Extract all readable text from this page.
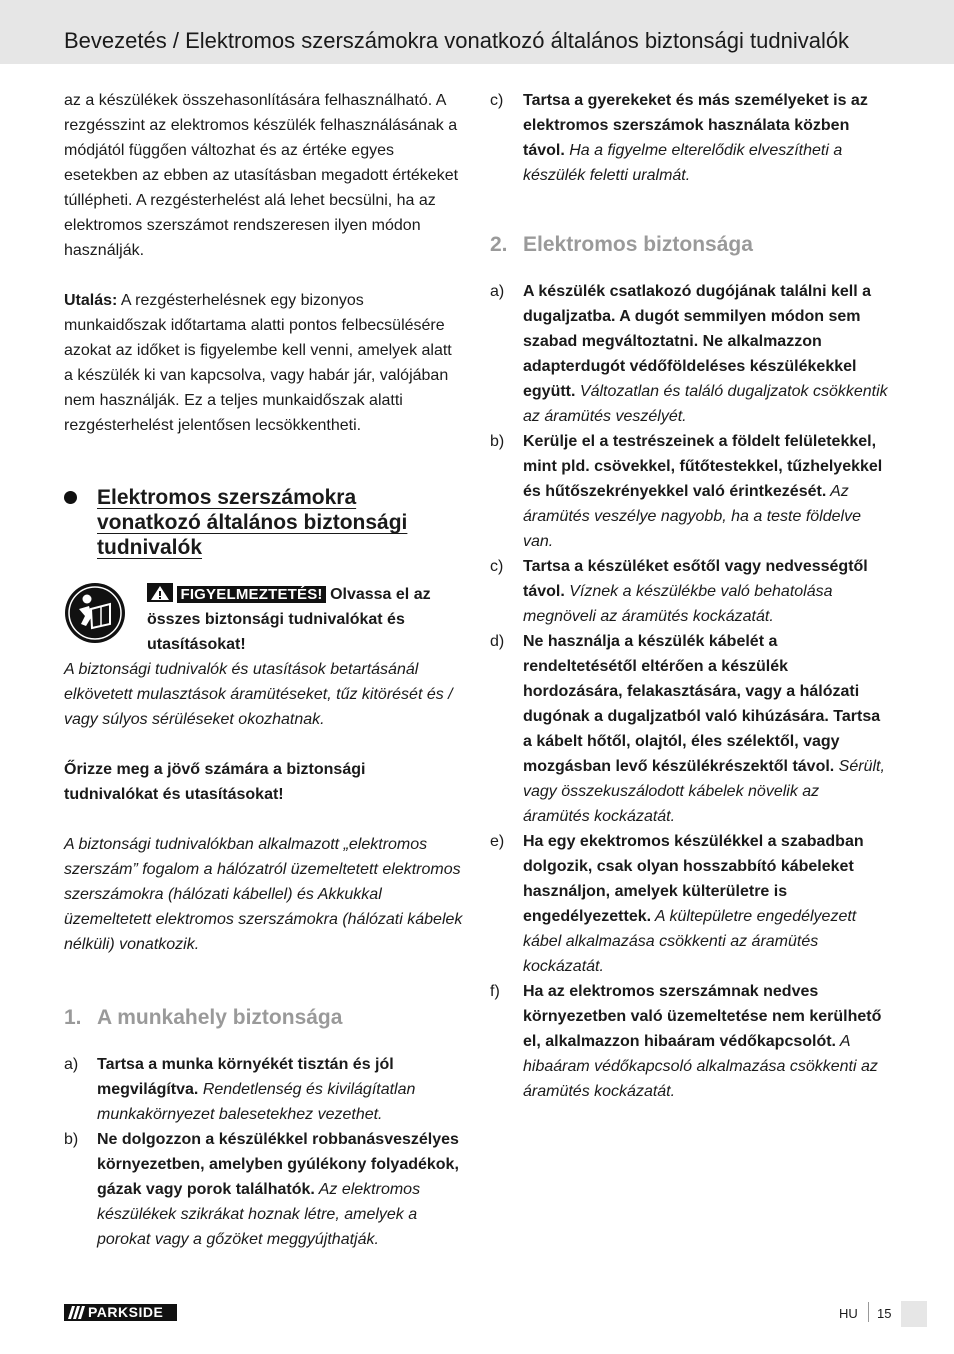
Bevezetés / Elektromos szerszámokra vonatkozó általános biztonsági tudnivalók

az a készülékek összehasonlítására felhasználható. A rezgésszint az elektromos készülék felhasználásának a módjától függően változhat és az értéke egyes esetekben az ebben az utasításban megadott értékeket túllépheti. A rezgésterhelést alá lehet becsülni, ha az elektromos szerszámot rendszeresen ilyen módon használják.

Utalás: A rezgésterhelésnek egy bizonyos munkaidőszak időtartama alatti pontos felbecsülésére azokat az időket is figyelembe kell venni, amelyek alatt a készülék ki van kapcsolva, vagy habár jár, valójában nem használják. Ez a teljes munkaidőszak alatti rezgésterhelést jelentősen lecsökkentheti.

Elektromos szerszámokra vonatkozó általános biztonsági tudnivalók

FIGYELMEZTETÉS! Olvassa el az összes biztonsági tudnivalókat és utasításokat!

A biztonsági tudnivalók és utasítások betartásánál elkövetett mulasztások áramütéseket, tűz kitörését és / vagy súlyos sérüléseket okozhatnak.

Őrizze meg a jövő számára a biztonsági tudnivalókat és utasításokat!

A biztonsági tudnivalókban alkalmazott „elektromos szerszám” fogalom a hálózatról üzemeltetett elektromos szerszámokra (hálózati kábellel) és Akkukkal üzemeltetett elektromos szerszámokra (hálózati kábelek nélküli) vonatkozik.

1. A munkahely biztonsága
a)	Tartsa a munka környékét tisztán és jól megvilágítva. Rendetlenség és kivilágítatlan munkakörnyezet balesetekhez vezethet.

b)	Ne dolgozzon a készülékkel robbanásveszélyes környezetben, amelyben gyúlékony folyadékok, gázak vagy porok találhatók. Az elektromos készülékek szikrákat hoznak létre, amelyek a porokat vagy a gőzöket meggyújthatják.

c)	Tartsa a gyerekeket és más személyeket is az elektromos szerszámok használata közben távol. Ha a figyelme elterelődik elveszítheti a készülék feletti uralmát.

2. Elektromos biztonsága
a)	A készülék csatlakozó dugójának találni kell a dugaljzatba. A dugót semmilyen módon sem szabad megváltoztatni. Ne alkalmazzon adapterdugót védőföldeléses készülékekkel együtt. Változatlan és találó dugaljzatok csökkentik az áramütés veszélyét.

b)	Kerülje el a testrészeinek a földelt felületekkel, mint pld. csövekkel, fűtőtestekkel, tűzhelyekkel és hűtőszekrényekkel való érintkezését. Az áramütés veszélye nagyobb, ha a teste földelve van.

c)	Tartsa a készüléket esőtől vagy nedvességtől távol. Víznek a készülékbe való behatolása megnöveli az áramütés kockázatát.

d)	Ne használja a készülék kábelét a rendeltetésétől eltérően a készülék hordozására, felakasztására, vagy a hálózati dugónak a dugaljzatból való kihúzására. Tartsa a kábelt hőtől, olajtól, éles szélektől, vagy mozgásban levő készülékrészektől távol. Sérült, vagy összekuszálodott kábelek növelik az áramütés kockázatát.

e)	Ha egy ekektromos készülékkel a szabadban dolgozik, csak olyan hosszabbító kábeleket használjon, amelyek külterületre is engedélyezettek. A kültерületre engedélyezett kábel alkalmazása csökkenti az áramütés kockázatát.

f)	Ha az elektromos szerszámnak nedves környezetben való üzemeltetése nem kerülhető el, alkalmazzon hibaáram védőkapcsolót. A hibaáram védőkapcsoló alkalmazása csökkenti az áramütés kockázatát.

PARKSIDE	HU 15
